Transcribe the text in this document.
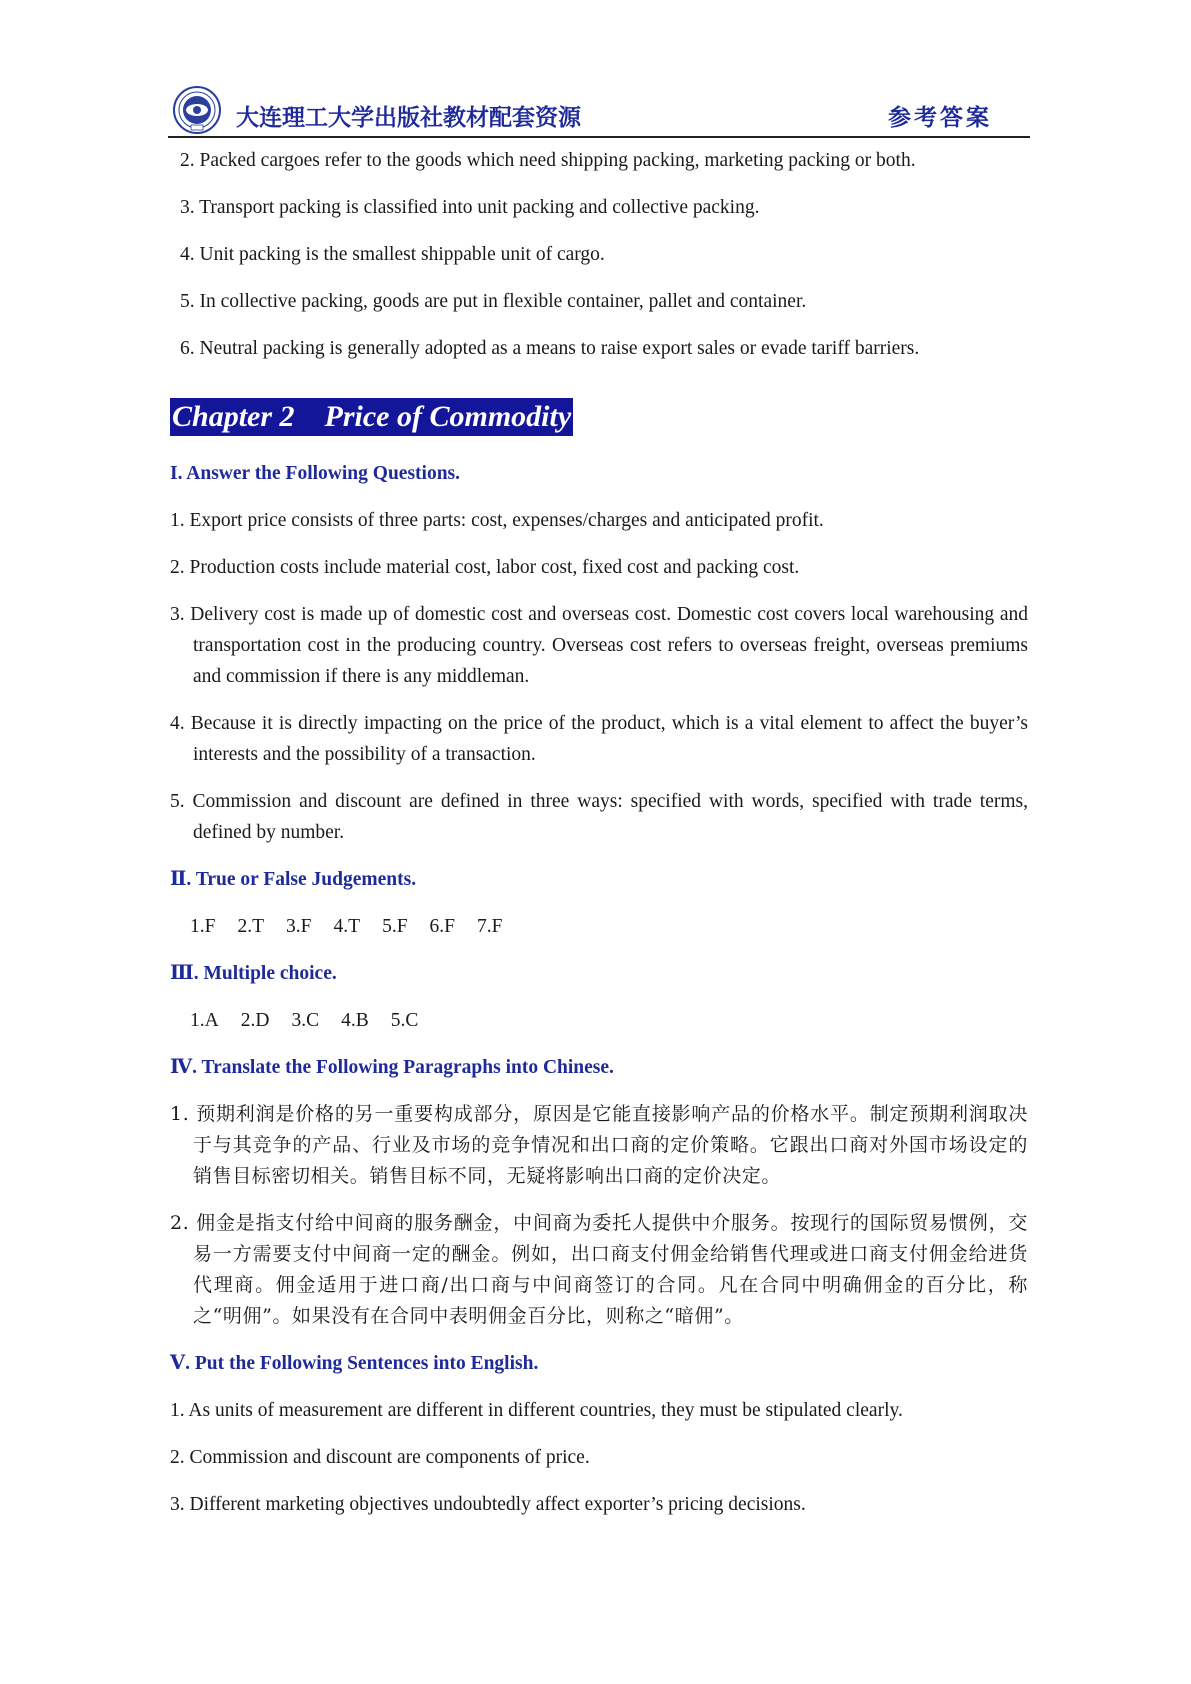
大连理工大学出版社教材配套资源	参考答案

2. Packed cargoes refer to the goods which need shipping packing, marketing packing or both.

3. Transport packing is classified into unit packing and collective packing.

4. Unit packing is the smallest shippable unit of cargo.

5. In collective packing, goods are put in flexible container, pallet and container.

6. Neutral packing is generally adopted as a means to raise export sales or evade tariff barriers.

Chapter 2    Price of Commodity
I. Answer the Following Questions.

1. Export price consists of three parts: cost, expenses/charges and anticipated profit.

2. Production costs include material cost, labor cost, fixed cost and packing cost.

3. Delivery cost is made up of domestic cost and overseas cost. Domestic cost covers local warehousing and transportation cost in the producing country. Overseas cost refers to overseas freight, overseas premiums and commission if there is any middleman.

4. Because it is directly impacting on the price of the product, which is a vital element to affect the buyer’s interests and the possibility of a transaction.

5. Commission and discount are defined in three ways: specified with words, specified with trade terms, defined by number.

Ⅱ. True or False Judgements.
1.F 2.T 3.F 4.T 5.F 6.F 7.F
Ⅲ. Multiple choice.
1.A 2.D 3.C 4.B 5.C
Ⅳ. Translate the Following Paragraphs into Chinese.

1. 预期利润是价格的另一重要构成部分，原因是它能直接影响产品的价格水平。制定预期利润取决于与其竞争的产品、行业及市场的竞争情况和出口商的定价策略。它跟出口商对外国市场设定的销售目标密切相关。销售目标不同，无疑将影响出口商的定价决定。

2. 佣金是指支付给中间商的服务酬金，中间商为委托人提供中介服务。按现行的国际贸易惯例，交易一方需要支付中间商一定的酬金。例如，出口商支付佣金给销售代理或进口商支付佣金给进货代理商。佣金适用于进口商/出口商与中间商签订的合同。凡在合同中明确佣金的百分比，称之“明佣”。如果没有在合同中表明佣金百分比，则称之“暗佣”。

Ⅴ. Put the Following Sentences into English.

1. As units of measurement are different in different countries, they must be stipulated clearly.

2. Commission and discount are components of price.

3. Different marketing objectives undoubtedly affect exporter’s pricing decisions.
